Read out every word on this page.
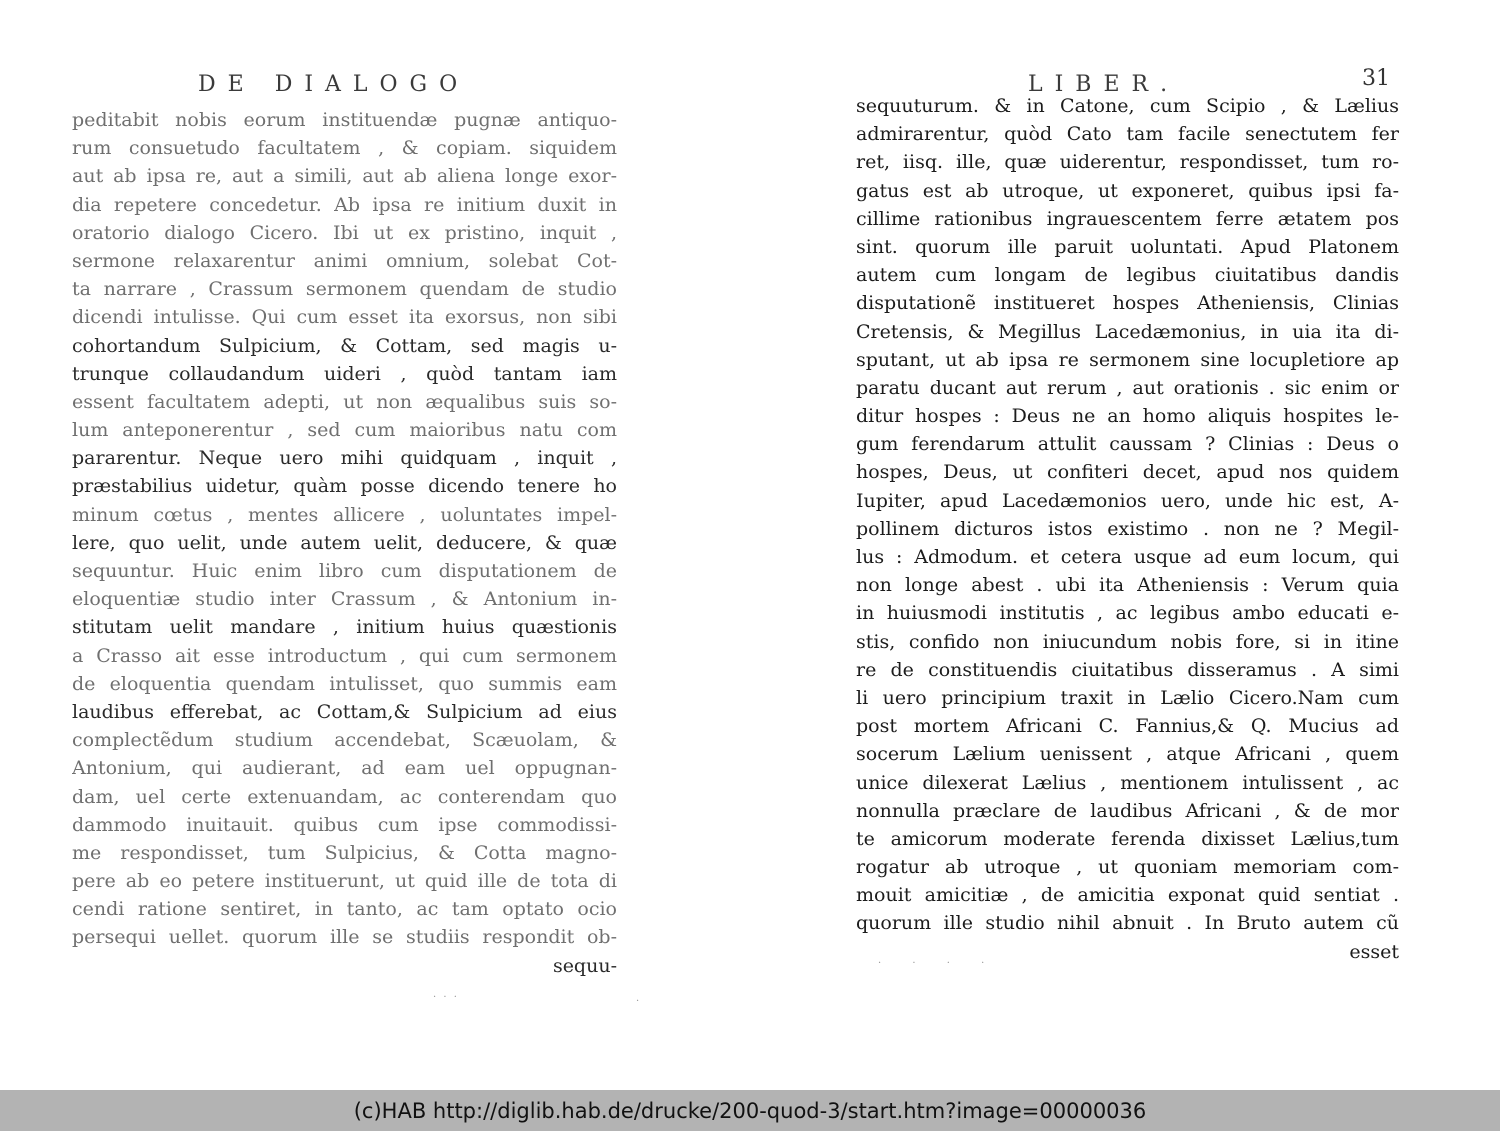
DE DIALOGO
peditabit nobis eorum instituendæ pugnæ antiquo-
rum consuetudo facultatem , & copiam. siquidem
aut ab ipsa re, aut a simili, aut ab aliena longe exor-
dia repetere concedetur. Ab ipsa re initium duxit in
oratorio dialogo Cicero. Ibi ut ex pristino, inquit ,
sermone relaxarentur animi omnium, solebat Cot-
ta narrare , Crassum sermonem quendam de studio
dicendi intulisse. Qui cum esset ita exorsus, non sibi
cohortandum Sulpicium, & Cottam, sed magis u-
trunque collaudandum uideri , quòd tantam iam
essent facultatem adepti, ut non æqualibus suis so-
lum anteponerentur , sed cum maioribus natu com
pararentur. Neque uero mihi quidquam , inquit ,
præstabilius uidetur, quàm posse dicendo tenere ho
minum cœtus , mentes allicere , uoluntates impel-
lere, quo uelit, unde autem uelit, deducere, & quæ
sequuntur. Huic enim libro cum disputationem de
eloquentiæ studio inter Crassum , & Antonium in-
stitutam uelit mandare , initium huius quæstionis
a Crasso ait esse introductum , qui cum sermonem
de eloquentia quendam intulisset, quo summis eam
laudibus efferebat, ac Cottam,& Sulpicium ad eius
complectẽdum studium accendebat, Scæuolam, &
Antonium, qui audierant, ad eam uel oppugnan-
dam, uel certe extenuandam, ac conterendam quo
dammodo inuitauit. quibus cum ipse commodissi-
me respondisset, tum Sulpicius, & Cotta magno-
pere ab eo petere instituerunt, ut quid ille de tota di
cendi ratione sentiret, in tanto, ac tam optato ocio
persequi uellet. quorum ille se studiis respondit ob-
sequu-
· · ·	·
LIBER.	31
sequuturum. & in Catone, cum Scipio , & Lælius
admirarentur, quòd Cato tam facile senectutem fer
ret, iisq. ille, quæ uiderentur, respondisset, tum ro-
gatus est ab utroque, ut exponeret, quibus ipsi fa-
cillime rationibus ingrauescentem ferre ætatem pos
sint. quorum ille paruit uoluntati. Apud Platonem
autem cum longam de legibus ciuitatibus dandis
disputationẽ institueret hospes Atheniensis, Clinias
Cretensis, & Megillus Lacedæmonius, in uia ita di-
sputant, ut ab ipsa re sermonem sine locupletiore ap
paratu ducant aut rerum , aut orationis . sic enim or
ditur hospes : Deus ne an homo aliquis hospites le-
gum ferendarum attulit caussam ? Clinias : Deus o
hospes, Deus, ut confiteri decet, apud nos quidem
Iupiter, apud Lacedæmonios uero, unde hic est, A-
pollinem dicturos istos existimo . non ne ? Megil-
lus : Admodum. et cetera usque ad eum locum, qui
non longe abest . ubi ita Atheniensis : Verum quia
in huiusmodi institutis , ac legibus ambo educati e-
stis, confido non iniucundum nobis fore, si in itine
re de constituendis ciuitatibus disseramus . A simi
li uero principium traxit in Lælio Cicero.Nam cum
post mortem Africani C. Fannius,& Q. Mucius ad
socerum Lælium uenissent , atque Africani , quem
unice dilexerat Lælius , mentionem intulissent , ac
nonnulla præclare de laudibus Africani , & de mor
te amicorum moderate ferenda dixisset Lælius,tum
rogatur ab utroque , ut quoniam memoriam com-
mouit amicitiæ , de amicitia exponat quid sentiat .
quorum ille studio nihil abnuit . In Bruto autem cũ
esset
· · · ·
(c)HAB http://diglib.hab.de/drucke/200-quod-3/start.htm?image=00000036
